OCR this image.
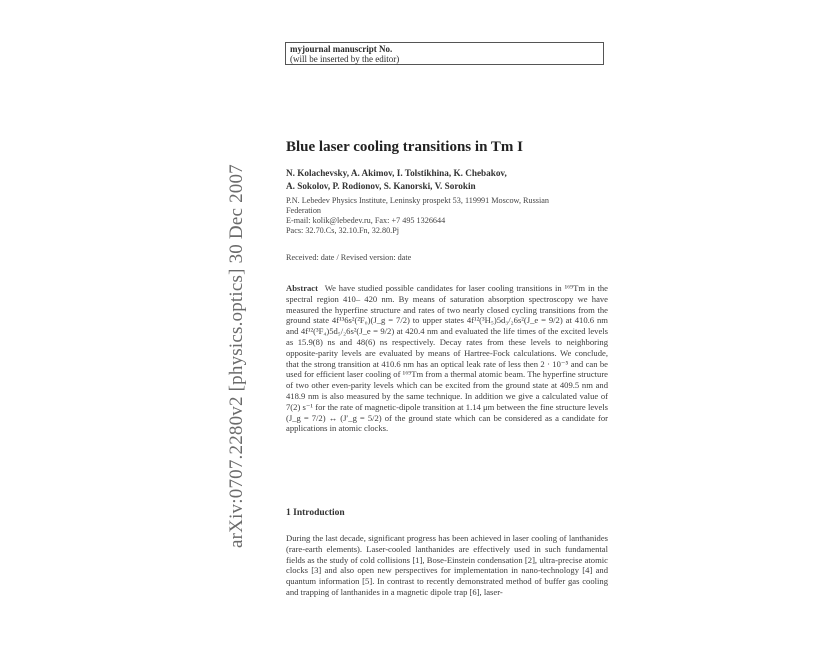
arXiv:0707.2280v2 [physics.optics] 30 Dec 2007
myjournal manuscript No.
(will be inserted by the editor)
Blue laser cooling transitions in Tm I
N. Kolachevsky, A. Akimov, I. Tolstikhina, K. Chebakov,
A. Sokolov, P. Rodionov, S. Kanorski, V. Sorokin
P.N. Lebedev Physics Institute, Leninsky prospekt 53, 119991 Moscow, Russian
Federation
E-mail: kolik@lebedev.ru, Fax: +7 495 1326644
Pacs: 32.70.Cs, 32.10.Fn, 32.80.Pj
Received: date / Revised version: date
Abstract We have studied possible candidates for laser cooling transitions in ¹⁶⁹Tm in the spectral region 410– 420 nm. By means of saturation absorption spectroscopy we have measured the hyperfine structure and rates of two nearly closed cycling transitions from the ground state 4f¹³6s²(²F₀)(J_g = 7/2) to upper states 4f¹²(³H₅)5d₃/₂6s²(J_e = 9/2) at 410.6 nm and 4f¹²(³F₄)5d₅/₂6s²(J_e = 9/2) at 420.4 nm and evaluated the life times of the excited levels as 15.9(8) ns and 48(6) ns respectively. Decay rates from these levels to neighboring opposite-parity levels are evaluated by means of Hartree-Fock calculations. We conclude, that the strong transition at 410.6 nm has an optical leak rate of less then 2 · 10⁻⁵ and can be used for efficient laser cooling of ¹⁶⁹Tm from a thermal atomic beam. The hyperfine structure of two other even-parity levels which can be excited from the ground state at 409.5 nm and 418.9 nm is also measured by the same technique. In addition we give a calculated value of 7(2) s⁻¹ for the rate of magnetic-dipole transition at 1.14 μm between the fine structure levels (J_g = 7/2) ↔ (J′_g = 5/2) of the ground state which can be considered as a candidate for applications in atomic clocks.
1 Introduction
During the last decade, significant progress has been achieved in laser cooling of lanthanides (rare-earth elements). Laser-cooled lanthanides are effectively used in such fundamental fields as the study of cold collisions [1], Bose-Einstein condensation [2], ultra-precise atomic clocks [3] and also open new perspectives for implementation in nano-technology [4] and quantum information [5]. In contrast to recently demonstrated method of buffer gas cooling and trapping of lanthanides in a magnetic dipole trap [6], laser-
